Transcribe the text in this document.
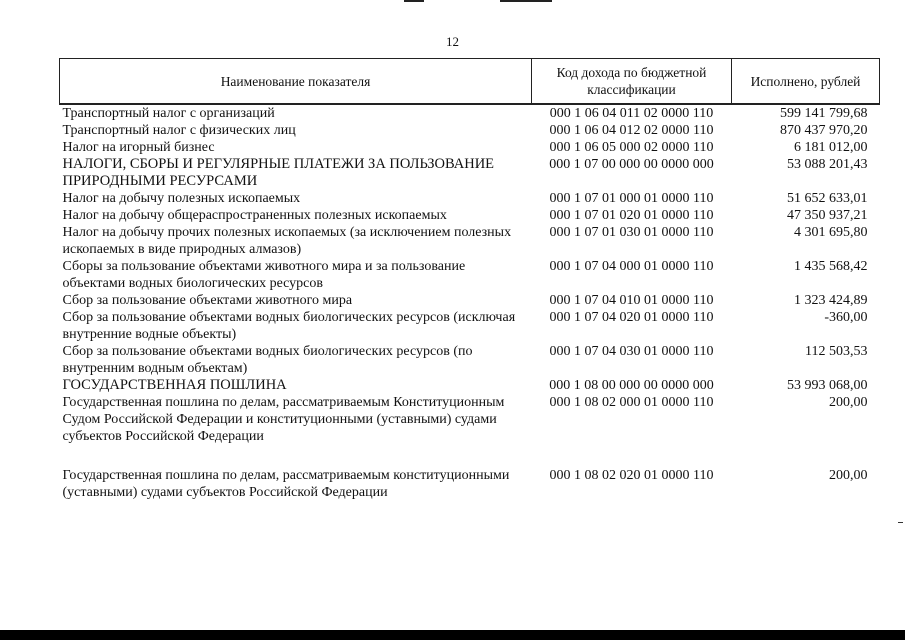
12
Наименование показателя	Код дохода по бюджетной классификации	Исполнено, рублей
Транспортный налог с организаций	000 1 06 04 011 02 0000 110	599 141 799,68
Транспортный налог с физических лиц	000 1 06 04 012 02 0000 110	870 437 970,20
Налог на игорный бизнес	000 1 06 05 000 02 0000 110	6 181 012,00
НАЛОГИ, СБОРЫ И РЕГУЛЯРНЫЕ ПЛАТЕЖИ ЗА ПОЛЬЗОВАНИЕ ПРИРОДНЫМИ РЕСУРСАМИ	000 1 07 00 000 00 0000 000	53 088 201,43
Налог на добычу полезных ископаемых	000 1 07 01 000 01 0000 110	51 652 633,01
Налог на добычу общераспространенных полезных ископаемых	000 1 07 01 020 01 0000 110	47 350 937,21
Налог на добычу прочих полезных ископаемых (за исключением полезных ископаемых в виде природных алмазов)	000 1 07 01 030 01 0000 110	4 301 695,80
Сборы за пользование объектами животного мира и за пользование объектами водных биологических ресурсов	000 1 07 04 000 01 0000 110	1 435 568,42
Сбор за пользование объектами животного мира	000 1 07 04 010 01 0000 110	1 323 424,89
Сбор за пользование объектами водных биологических ресурсов (исключая внутренние водные объекты)	000 1 07 04 020 01 0000 110	-360,00
Сбор за пользование объектами водных биологических ресурсов (по внутренним водным объектам)	000 1 07 04 030 01 0000 110	112 503,53
ГОСУДАРСТВЕННАЯ ПОШЛИНА	000 1 08 00 000 00 0000 000	53 993 068,00
Государственная пошлина по делам, рассматриваемым Конституционным Судом Российской Федерации и конституционными (уставными) судами субъектов Российской Федерации	000 1 08 02 000 01 0000 110	200,00

Государственная пошлина по делам, рассматриваемым конституционными (уставными) судами субъектов Российской Федерации	000 1 08 02 020 01 0000 110	200,00
